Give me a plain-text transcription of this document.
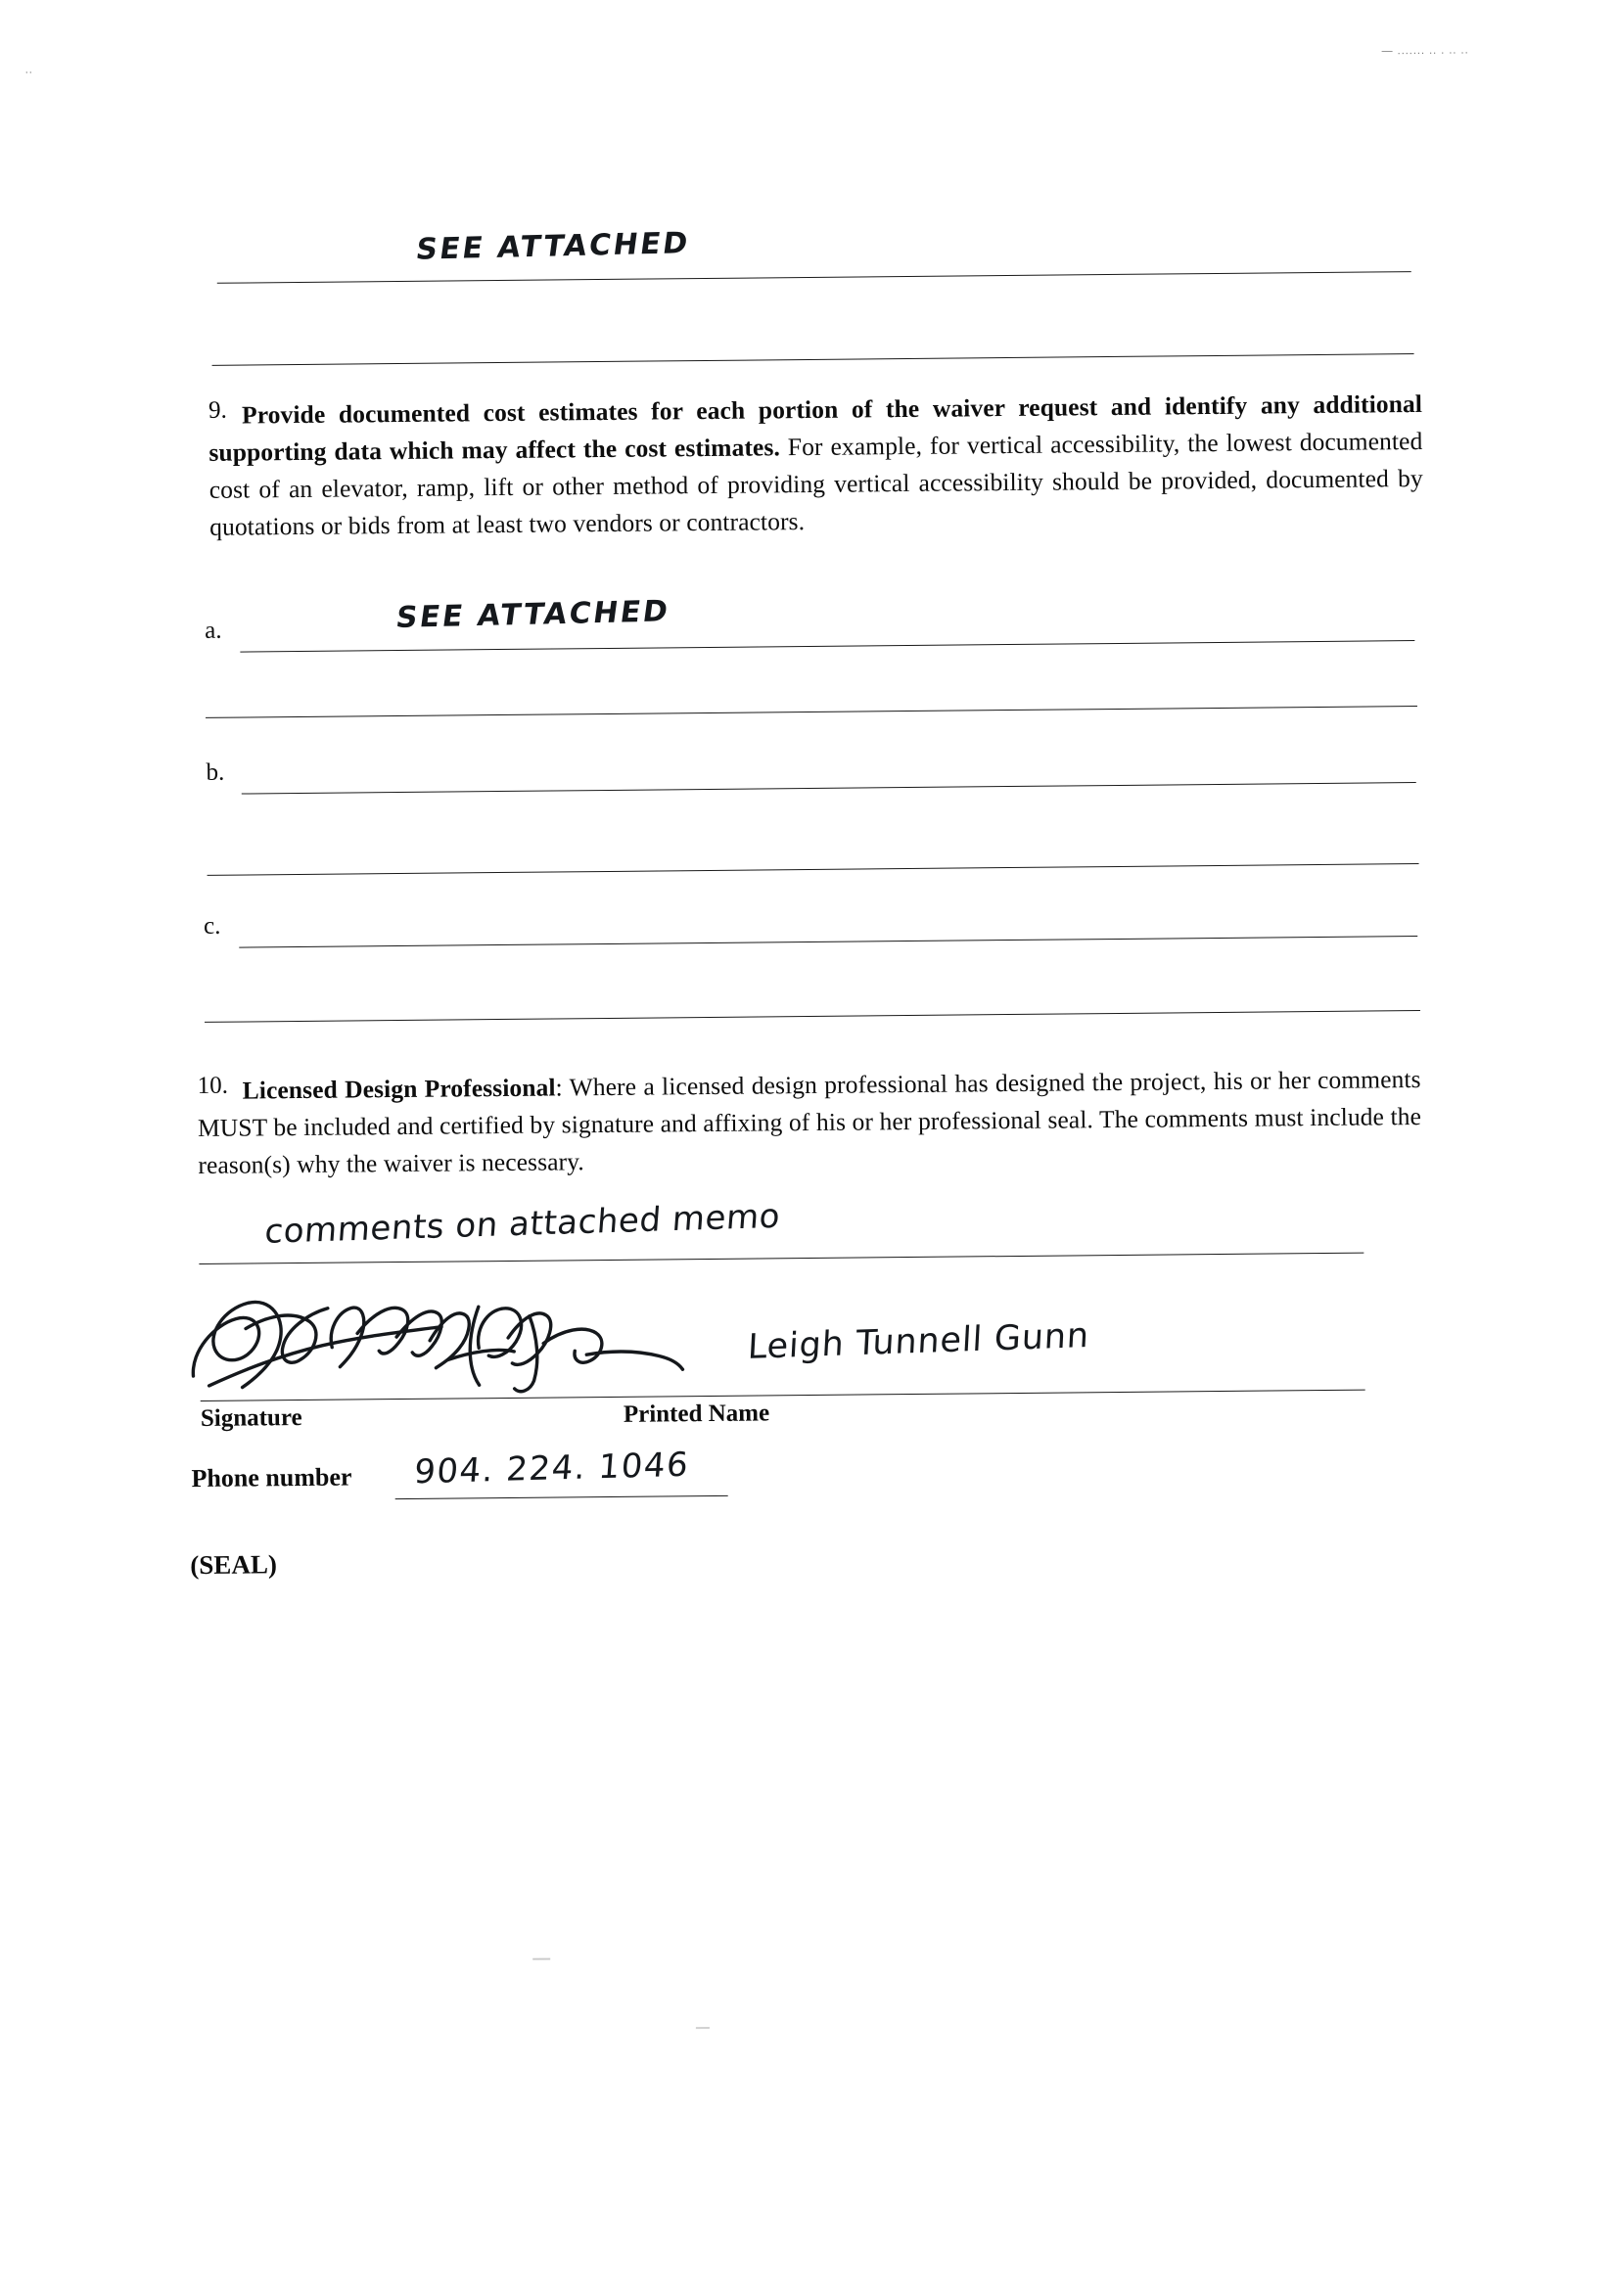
..
— ....... .. . .. ..
SEE ATTACHED
9. Provide documented cost estimates for each portion of the waiver request and identify any additional supporting data which may affect the cost estimates. For example, for vertical accessibility, the lowest documented cost of an elevator, ramp, lift or other method of providing vertical accessibility should be provided, documented by quotations or bids from at least two vendors or contractors.
a.	SEE ATTACHED
b.
c.
10. Licensed Design Professional: Where a licensed design professional has designed the project, his or her comments MUST be included and certified by signature and affixing of his or her professional seal. The comments must include the reason(s) why the waiver is necessary.
comments on attached memo
Leigh Tunnell Gunn
Signature	Printed Name
Phone number 904. 224. 1046
(SEAL)
